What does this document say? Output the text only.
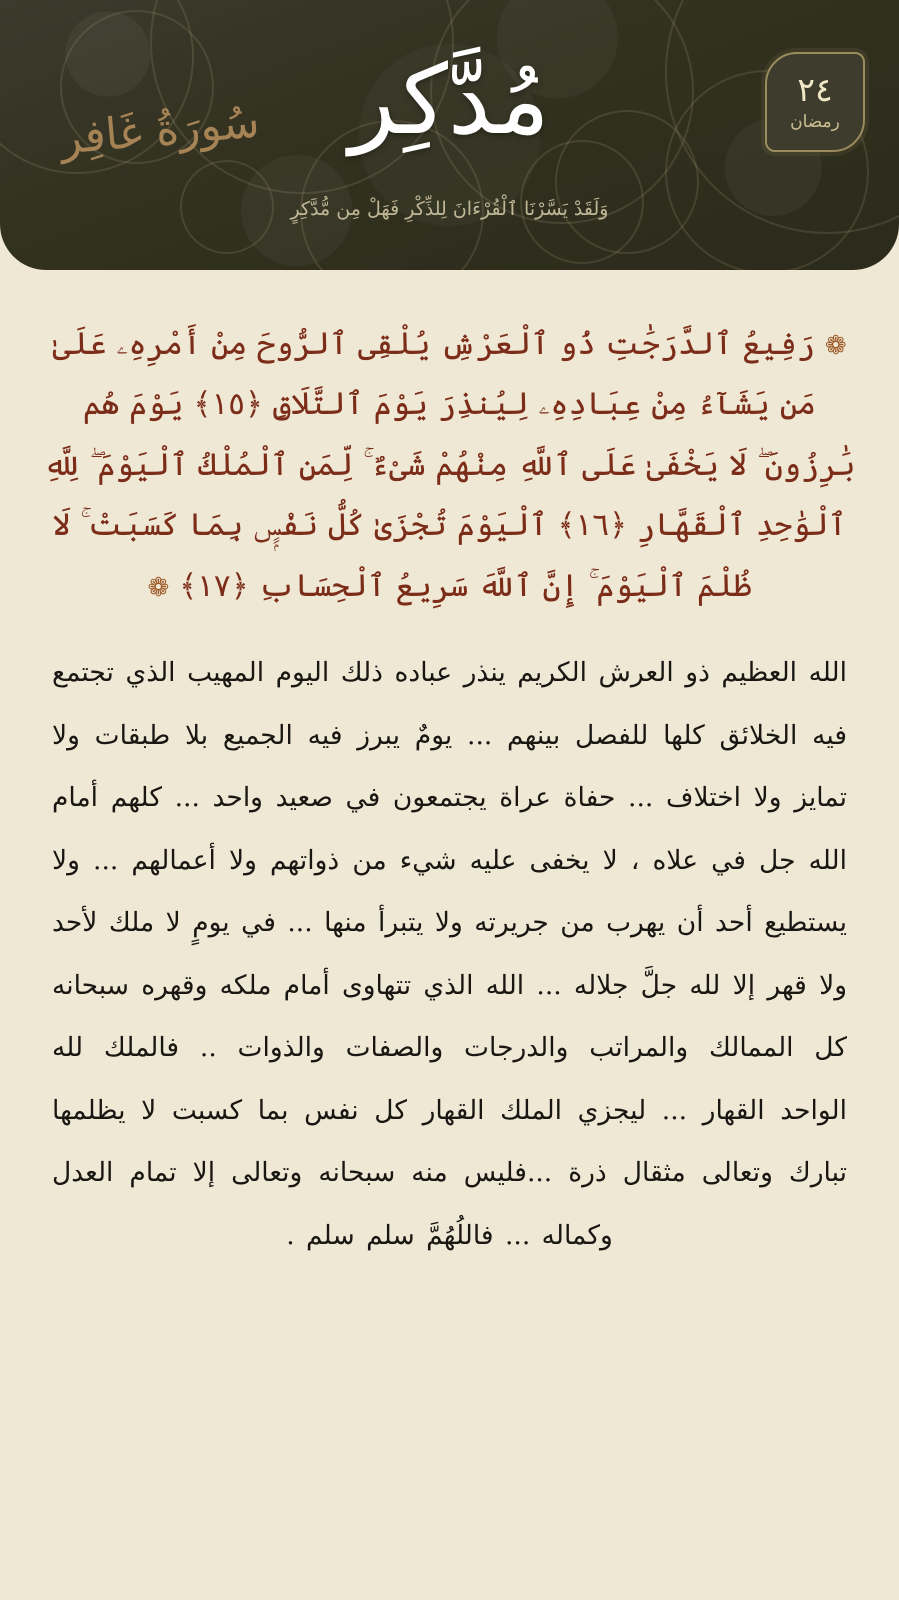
سُورَةُ غَافِر مُدَّكِر
وَلَقَدْ يَسَّرْنَا ٱلْقُرْءَانَ لِلذِّكْرِ فَهَلْ مِن مُّدَّكِرٍ
٢٤
رمضان
❁ رَفِيعُ ٱلدَّرَجَٰتِ ذُو ٱلْعَرْشِ يُلْقِى ٱلرُّوحَ مِنْ أَمْرِهِۦ عَلَىٰ مَن يَشَآءُ مِنْ عِبَادِهِۦ لِيُنذِرَ يَوْمَ ٱلتَّلَاقِ ﴿١٥﴾ يَوْمَ هُم بَٰرِزُونَ ۖ لَا يَخْفَىٰ عَلَى ٱللَّهِ مِنْهُمْ شَىْءٌ ۚ لِّمَنِ ٱلْمُلْكُ ٱلْيَوْمَ ۖ لِلَّهِ ٱلْوَٰحِدِ ٱلْقَهَّارِ ﴿١٦﴾ ٱلْيَوْمَ تُجْزَىٰ كُلُّ نَفْسٍۭ بِمَا كَسَبَتْ ۚ لَا ظُلْمَ ٱلْيَوْمَ ۚ إِنَّ ٱللَّهَ سَرِيعُ ٱلْحِسَابِ ﴿١٧﴾ ❁

الله العظيم ذو العرش الكريم ينذر عباده ذلك اليوم المهيب الذي تجتمع فيه الخلائق كلها للفصل بينهم ... يومٌ يبرز فيه الجميع بلا طبقات ولا تمايز ولا اختلاف ... حفاة عراة يجتمعون في صعيد واحد ... كلهم أمام الله جل في علاه ، لا يخفى عليه شيء من ذواتهم ولا أعمالهم ... ولا يستطيع أحد أن يهرب من جريرته ولا يتبرأ منها ... في يومٍ لا ملك لأحد ولا قهر إلا لله جلَّ جلاله ... الله الذي تتهاوى أمام ملكه وقهره سبحانه كل الممالك والمراتب والدرجات والصفات والذوات .. فالملك لله الواحد القهار ... ليجزي الملك القهار كل نفس بما كسبت لا يظلمها تبارك وتعالى مثقال ذرة ...فليس منه سبحانه وتعالى إلا تمام العدل وكماله ... فاللُهُمَّ سلم سلم .
